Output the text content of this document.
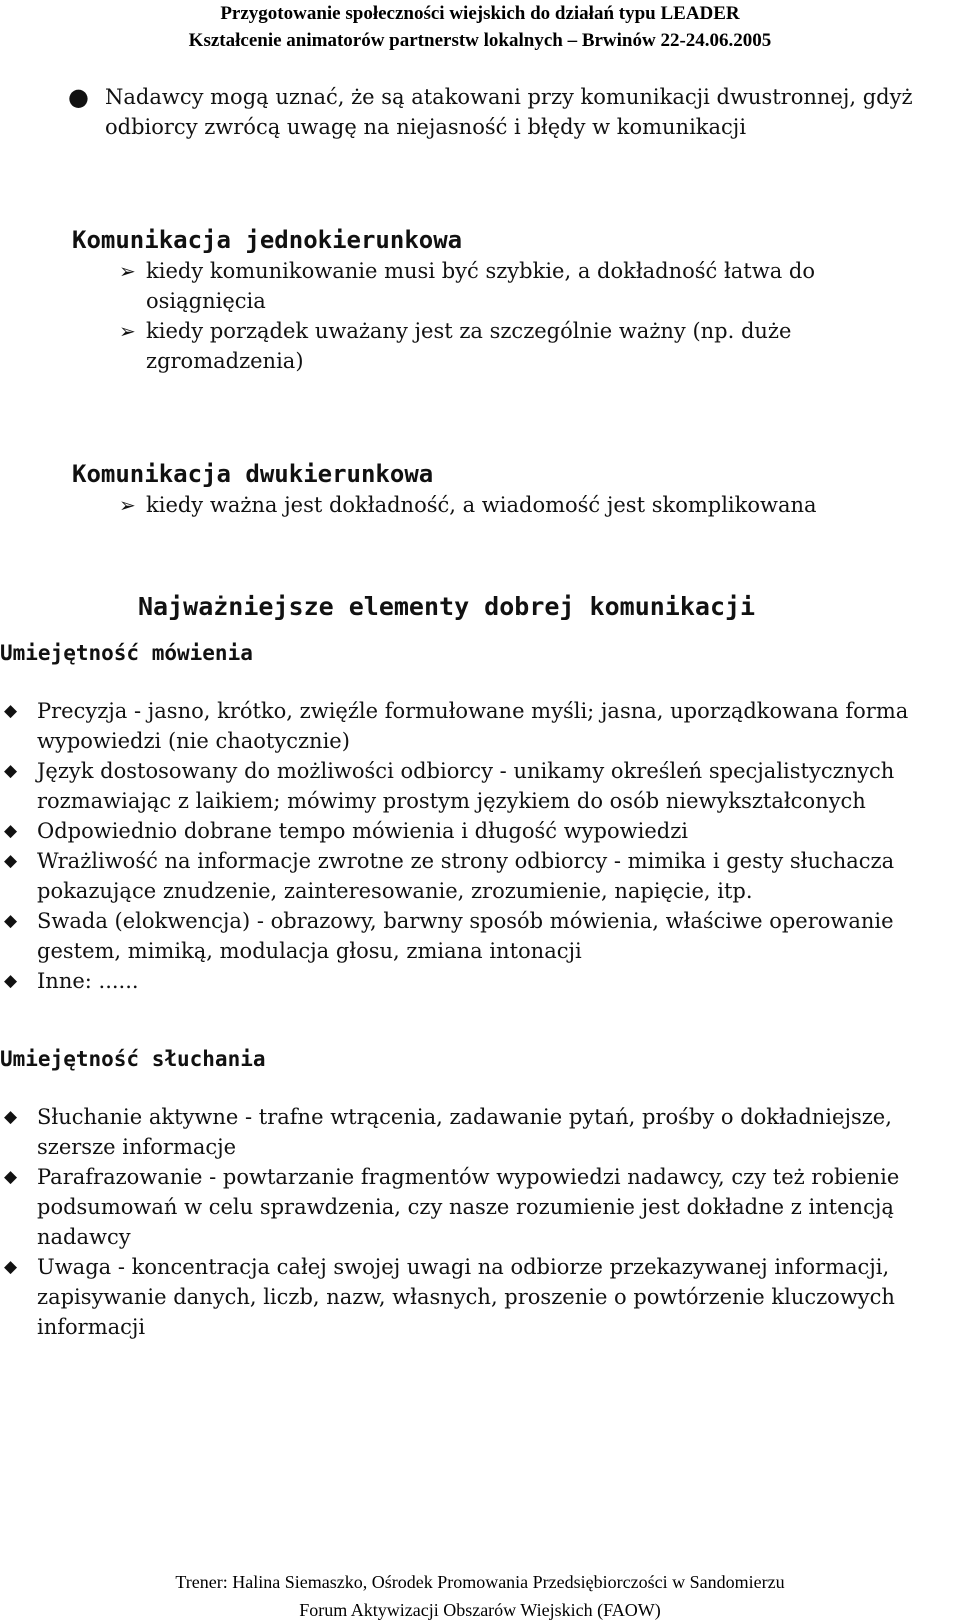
Przygotowanie społeczności wiejskich do działań typu LEADER
Kształcenie animatorów partnerstw lokalnych – Brwinów 22-24.06.2005
● Nadawcy mogą uznać, że są atakowani przy komunikacji dwustronnej, gdyż odbiorcy zwrócą uwagę na niejasność i błędy w komunikacji
Komunikacja jednokierunkowa
➢ kiedy komunikowanie musi być szybkie, a dokładność łatwa do osiągnięcia
➢ kiedy porządek uważany jest za szczególnie ważny (np. duże zgromadzenia)
Komunikacja dwukierunkowa
➢ kiedy ważna jest dokładność, a wiadomość jest skomplikowana
Najważniejsze elementy dobrej komunikacji
Umiejętność mówienia
◆ Precyzja - jasno, krótko, zwięźle formułowane myśli; jasna, uporządkowana forma wypowiedzi (nie chaotycznie)
◆ Język dostosowany do możliwości odbiorcy - unikamy określeń specjalistycznych rozmawiając z laikiem; mówimy prostym językiem do osób niewykształconych
◆ Odpowiednio dobrane tempo mówienia i długość wypowiedzi
◆ Wrażliwość na informacje zwrotne ze strony odbiorcy - mimika i gesty słuchacza pokazujące znudzenie, zainteresowanie, zrozumienie, napięcie, itp.
◆ Swada (elokwencja) - obrazowy, barwny sposób mówienia, właściwe operowanie gestem, mimiką, modulacja głosu, zmiana intonacji
◆ Inne: ......
Umiejętność słuchania
◆ Słuchanie aktywne - trafne wtrącenia, zadawanie pytań, prośby o dokładniejsze, szersze informacje
◆ Parafrazowanie - powtarzanie fragmentów wypowiedzi nadawcy, czy też robienie podsumowań w celu sprawdzenia, czy nasze rozumienie jest dokładne z intencją nadawcy
◆ Uwaga - koncentracja całej swojej uwagi na odbiorze przekazywanej informacji, zapisywanie danych, liczb, nazw, własnych, proszenie o powtórzenie kluczowych informacji
Trener: Halina Siemaszko, Ośrodek Promowania Przedsiębiorczości w Sandomierzu
Forum Aktywizacji Obszarów Wiejskich (FAOW)
